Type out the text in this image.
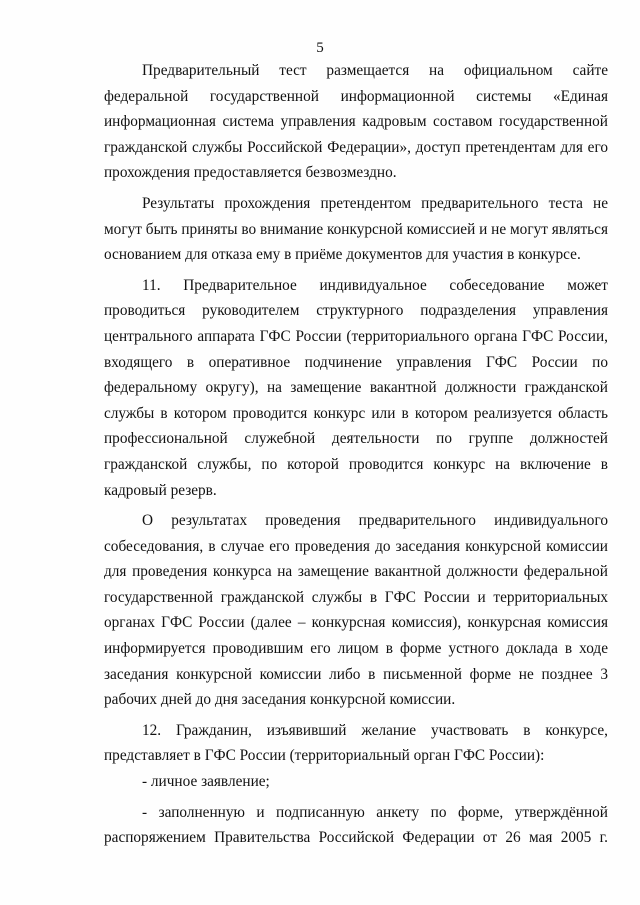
5

Предварительный тест размещается на официальном сайте федеральной государственной информационной системы «Единая информационная система управления кадровым составом государственной гражданской службы Российской Федерации», доступ претендентам для его прохождения предоставляется безвозмездно.

Результаты прохождения претендентом предварительного теста не могут быть приняты во внимание конкурсной комиссией и не могут являться основанием для отказа ему в приёме документов для участия в конкурсе.

11. Предварительное индивидуальное собеседование может проводиться руководителем структурного подразделения управления центрального аппарата ГФС России (территориального органа ГФС России, входящего в оперативное подчинение управления ГФС России по федеральному округу), на замещение вакантной должности гражданской службы в котором проводится конкурс или в котором реализуется область профессиональной служебной деятельности по группе должностей гражданской службы, по которой проводится конкурс на включение в кадровый резерв.

О результатах проведения предварительного индивидуального собеседования, в случае его проведения до заседания конкурсной комиссии для проведения конкурса на замещение вакантной должности федеральной государственной гражданской службы в ГФС России и территориальных органах ГФС России (далее – конкурсная комиссия), конкурсная комиссия информируется проводившим его лицом в форме устного доклада в ходе заседания конкурсной комиссии либо в письменной форме не позднее 3 рабочих дней до дня заседания конкурсной комиссии.

12. Гражданин, изъявивший желание участвовать в конкурсе, представляет в ГФС России (территориальный орган ГФС России):

- личное заявление;

- заполненную и подписанную анкету по форме, утверждённой распоряжением Правительства Российской Федерации от 26 мая 2005 г.
